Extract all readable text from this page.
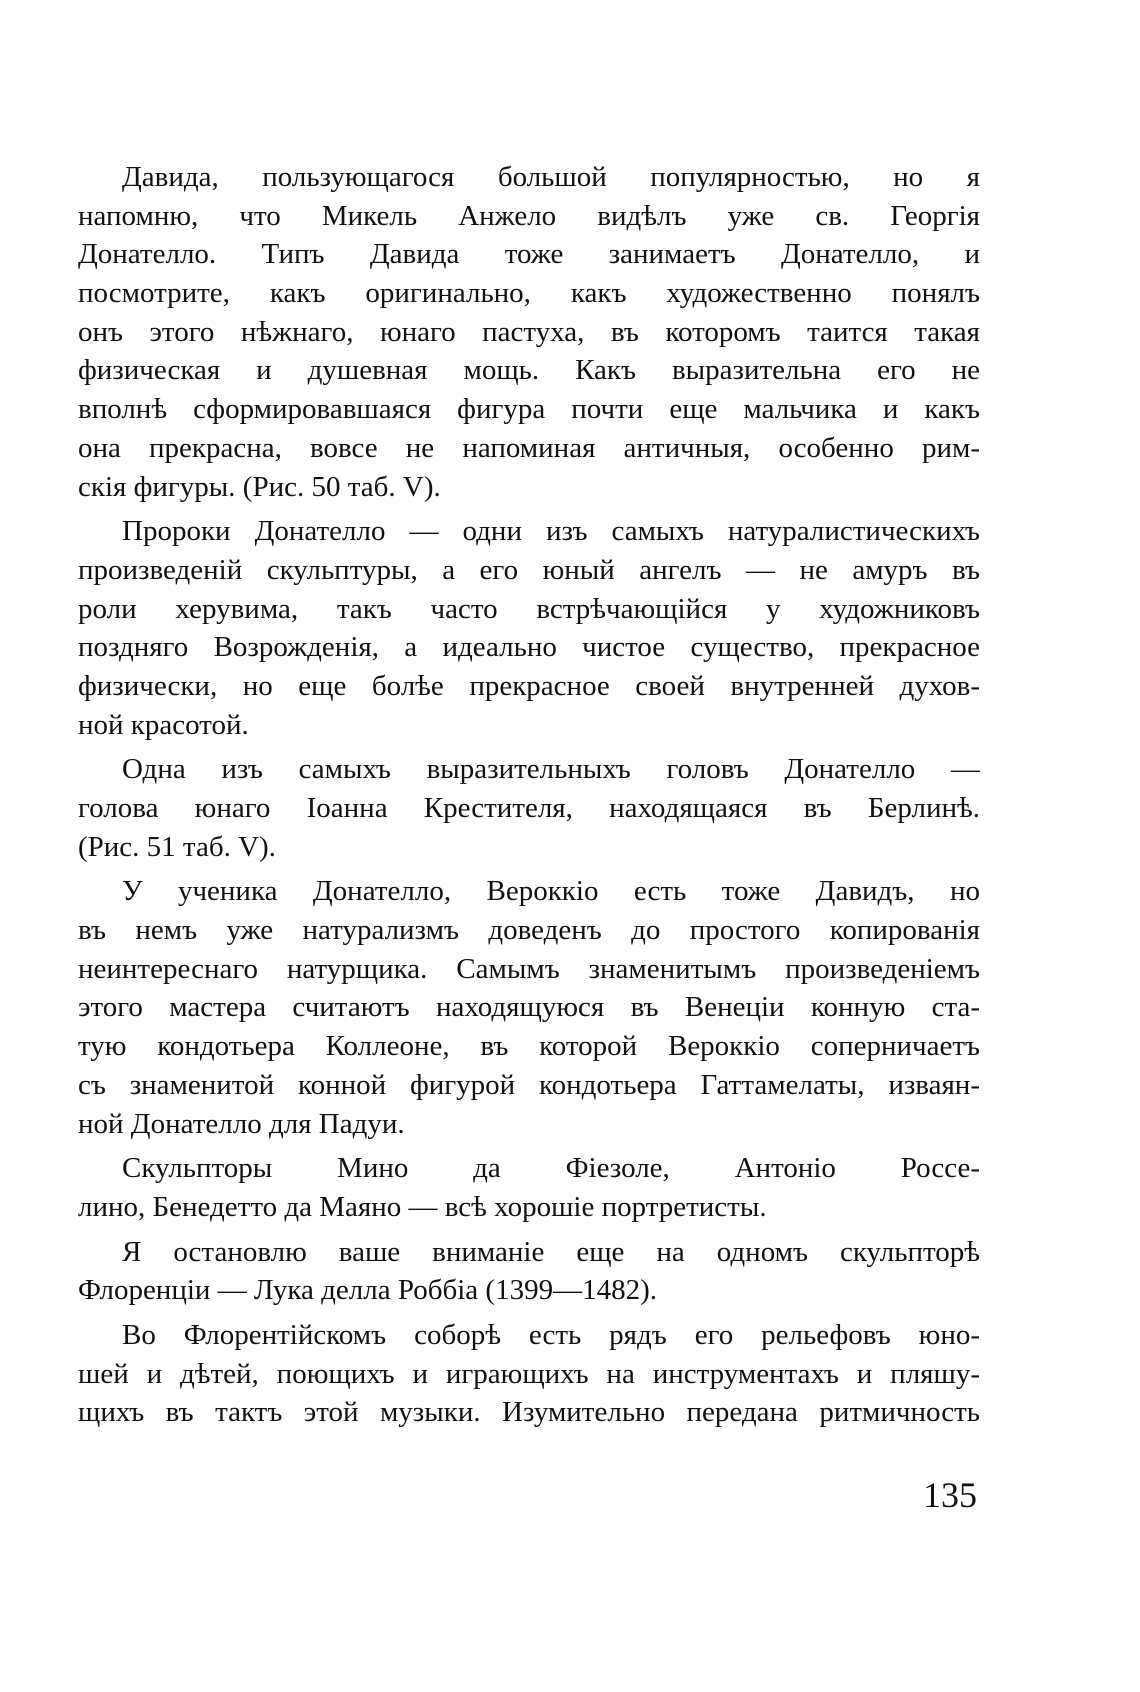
Давида, пользующагося большой популярностью, но я
напомню, что Микель Анжело видѣлъ уже св. Георгія
Донателло. Типъ Давида тоже занимаетъ Донателло, и
посмотрите, какъ оригинально, какъ художественно понялъ
онъ этого нѣжнаго, юнаго пастуха, въ которомъ таится такая
физическая и душевная мощь. Какъ выразительна его не
вполнѣ сформировавшаяся фигура почти еще мальчика и какъ
она прекрасна, вовсе не напоминая античныя, особенно рим-
скія фигуры. (Рис. 50 таб. V).
Пророки Донателло — одни изъ самыхъ натуралистическихъ
произведеній скульптуры, а его юный ангелъ — не амуръ въ
роли херувима, такъ часто встрѣчающійся у художниковъ
поздняго Возрожденія, а идеально чистое существо, прекрасное
физически, но еще болѣе прекрасное своей внутренней духов-
ной красотой.
Одна изъ самыхъ выразительныхъ головъ Донателло —
голова юнаго Іоанна Крестителя, находящаяся въ Берлинѣ.
(Рис. 51 таб. V).
У ученика Донателло, Вероккіо есть тоже Давидъ, но
въ немъ уже натурализмъ доведенъ до простого копированія
неинтереснаго натурщика. Самымъ знаменитымъ произведеніемъ
этого мастера считаютъ находящуюся въ Венеціи конную ста-
тую кондотьера Коллеоне, въ которой Вероккіо соперничаетъ
съ знаменитой конной фигурой кондотьера Гаттамелаты, изваян-
ной Донателло для Падуи.
Скульпторы Мино да Фіезоле, Антоніо Россе-
лино, Бенедетто да Маяно — всѣ хорошіе портретисты.
Я остановлю ваше вниманіе еще на одномъ скульпторѣ
Флоренціи — Лука делла Роббіа (1399—1482).
Во Флорентійскомъ соборѣ есть рядъ его рельефовъ юно-
шей и дѣтей, поющихъ и играющихъ на инструментахъ и пляшу-
щихъ въ тактъ этой музыки. Изумительно передана ритмичность
135
